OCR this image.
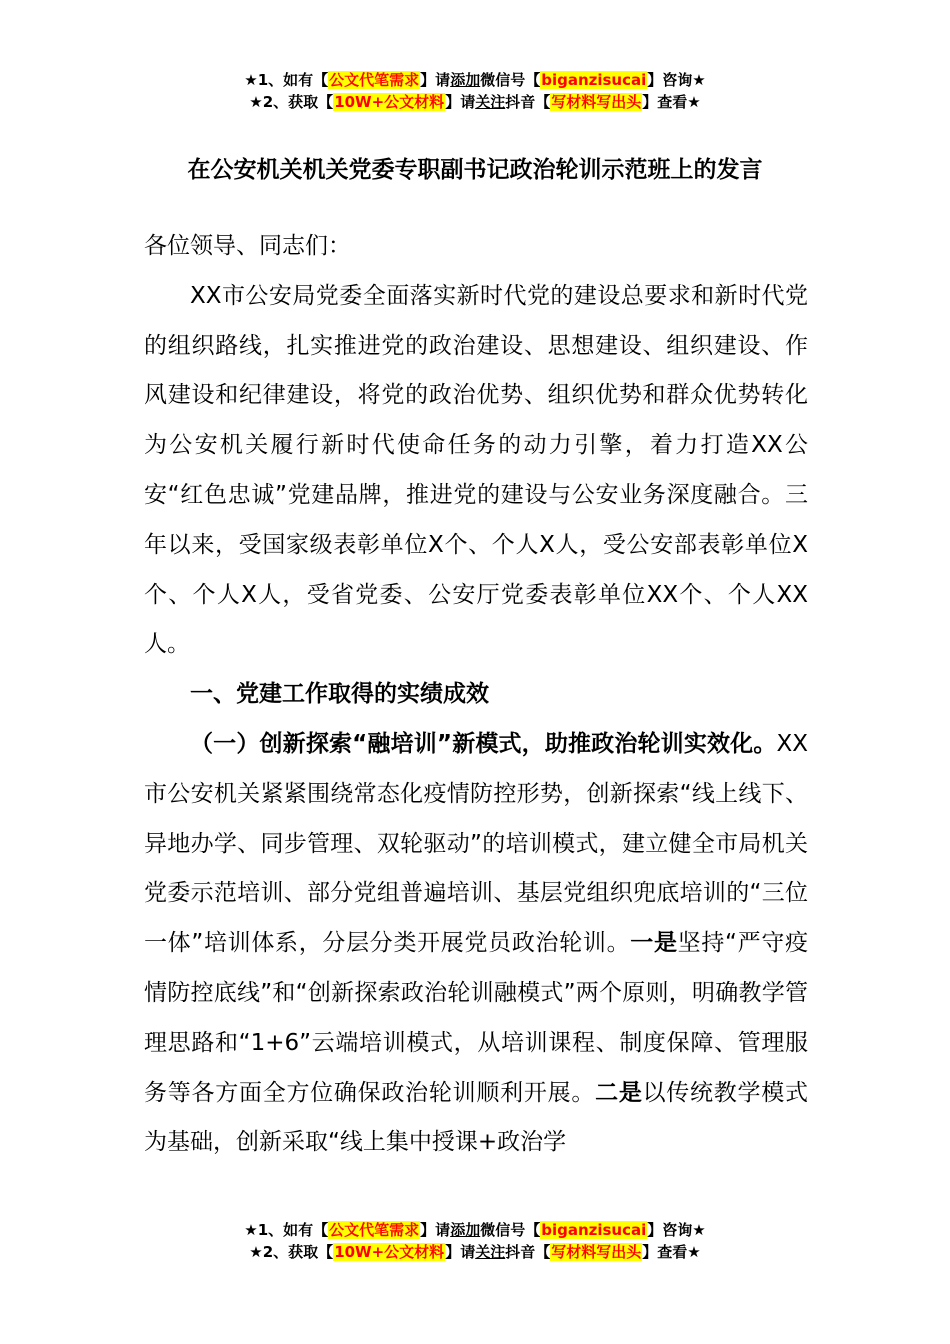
★1、如有【公文代笔需求】请添加微信号【biganzisucai】咨询★
★2、获取【10W+公文材料】请关注抖音【写材料写出头】查看★
在公安机关机关党委专职副书记政治轮训示范班上的发言

各位领导、同志们：

XX市公安局党委全面落实新时代党的建设总要求和新时代党的组织路线，扎实推进党的政治建设、思想建设、组织建设、作风建设和纪律建设，将党的政治优势、组织优势和群众优势转化为公安机关履行新时代使命任务的动力引擎，着力打造XX公安“红色忠诚”党建品牌，推进党的建设与公安业务深度融合。三年以来，受国家级表彰单位X个、个人X人，受公安部表彰单位X个、个人X人，受省党委、公安厅党委表彰单位XX个、个人XX人。

一、党建工作取得的实绩成效

（一）创新探索“融培训”新模式，助推政治轮训实效化。XX市公安机关紧紧围绕常态化疫情防控形势，创新探索“线上线下、异地办学、同步管理、双轮驱动”的培训模式，建立健全市局机关党委示范培训、部分党组普遍培训、基层党组织兜底培训的“三位一体”培训体系，分层分类开展党员政治轮训。一是坚持“严守疫情防控底线”和“创新探索政治轮训融模式”两个原则，明确教学管理思路和“1+6”云端培训模式，从培训课程、制度保障、管理服务等各方面全方位确保政治轮训顺利开展。二是以传统教学模式为基础，创新采取“线上集中授课+政治学

★1、如有【公文代笔需求】请添加微信号【biganzisucai】咨询★
★2、获取【10W+公文材料】请关注抖音【写材料写出头】查看★
